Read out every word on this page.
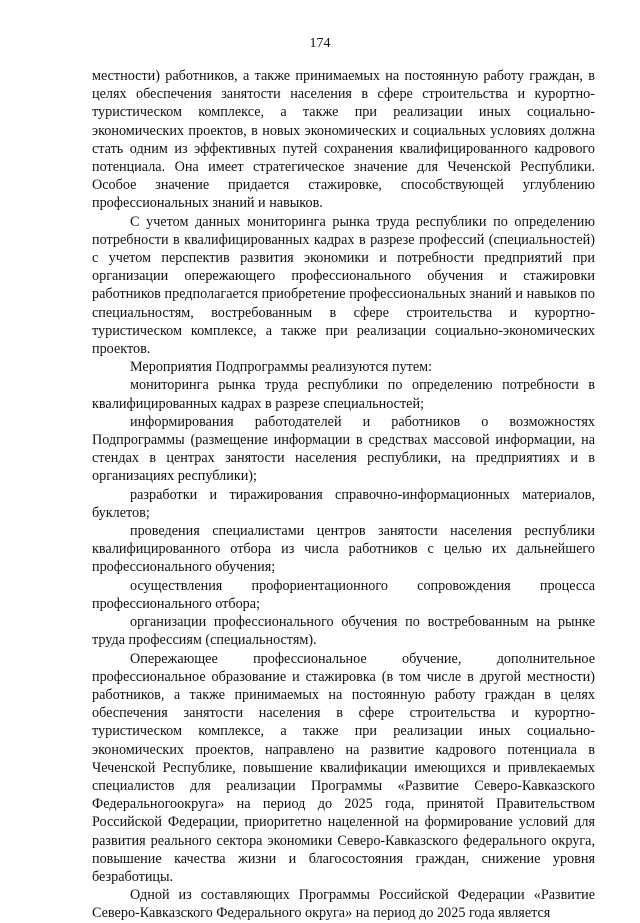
174

местности) работников, а также принимаемых на постоянную работу граждан, в целях обеспечения занятости населения в сфере строительства и курортно-туристическом комплексе, а также при реализации иных социально-экономических проектов, в новых экономических и социальных условиях должна стать одним из эффективных путей сохранения квалифицированного кадрового потенциала. Она имеет стратегическое значение для Чеченской Республики. Особое значение придается стажировке, способствующей углублению профессиональных знаний и навыков.

С учетом данных мониторинга рынка труда республики по определению потребности в квалифицированных кадрах в разрезе профессий (специальностей) с учетом перспектив развития экономики и потребности предприятий при организации опережающего профессионального обучения и стажировки работников предполагается приобретение профессиональных знаний и навыков по специальностям, востребованным в сфере строительства и курортно-туристическом комплексе, а также при реализации социально-экономических проектов.

Мероприятия Подпрограммы реализуются путем:

мониторинга рынка труда республики по определению потребности в квалифицированных кадрах в разрезе специальностей;

информирования работодателей и работников о возможностях Подпрограммы (размещение информации в средствах массовой информации, на стендах в центрах занятости населения республики, на предприятиях и в организациях республики);

разработки и тиражирования справочно-информационных материалов, буклетов;

проведения специалистами центров занятости населения республики квалифицированного отбора из числа работников с целью их дальнейшего профессионального обучения;

осуществления профориентационного сопровождения процесса профессионального отбора;

организации профессионального обучения по востребованным на рынке труда профессиям (специальностям).

Опережающее профессиональное обучение, дополнительное профессиональное образование и стажировка (в том числе в другой местности) работников, а также принимаемых на постоянную работу граждан в целях обеспечения занятости населения в сфере строительства и курортно-туристическом комплексе, а также при реализации иных социально-экономических проектов, направлено на развитие кадрового потенциала в Чеченской Республике, повышение квалификации имеющихся и привлекаемых специалистов для реализации Программы «Развитие Северо-Кавказского Федеральногоокруга» на период до 2025 года, принятой Правительством Российской Федерации, приоритетно нацеленной на формирование условий для развития реального сектора экономики Северо-Кавказского федерального округа, повышение качества жизни и благосостояния граждан, снижение уровня безработицы.

Одной из составляющих Программы Российской Федерации «Развитие Северо-Кавказского Федерального округа» на период до 2025 года является
